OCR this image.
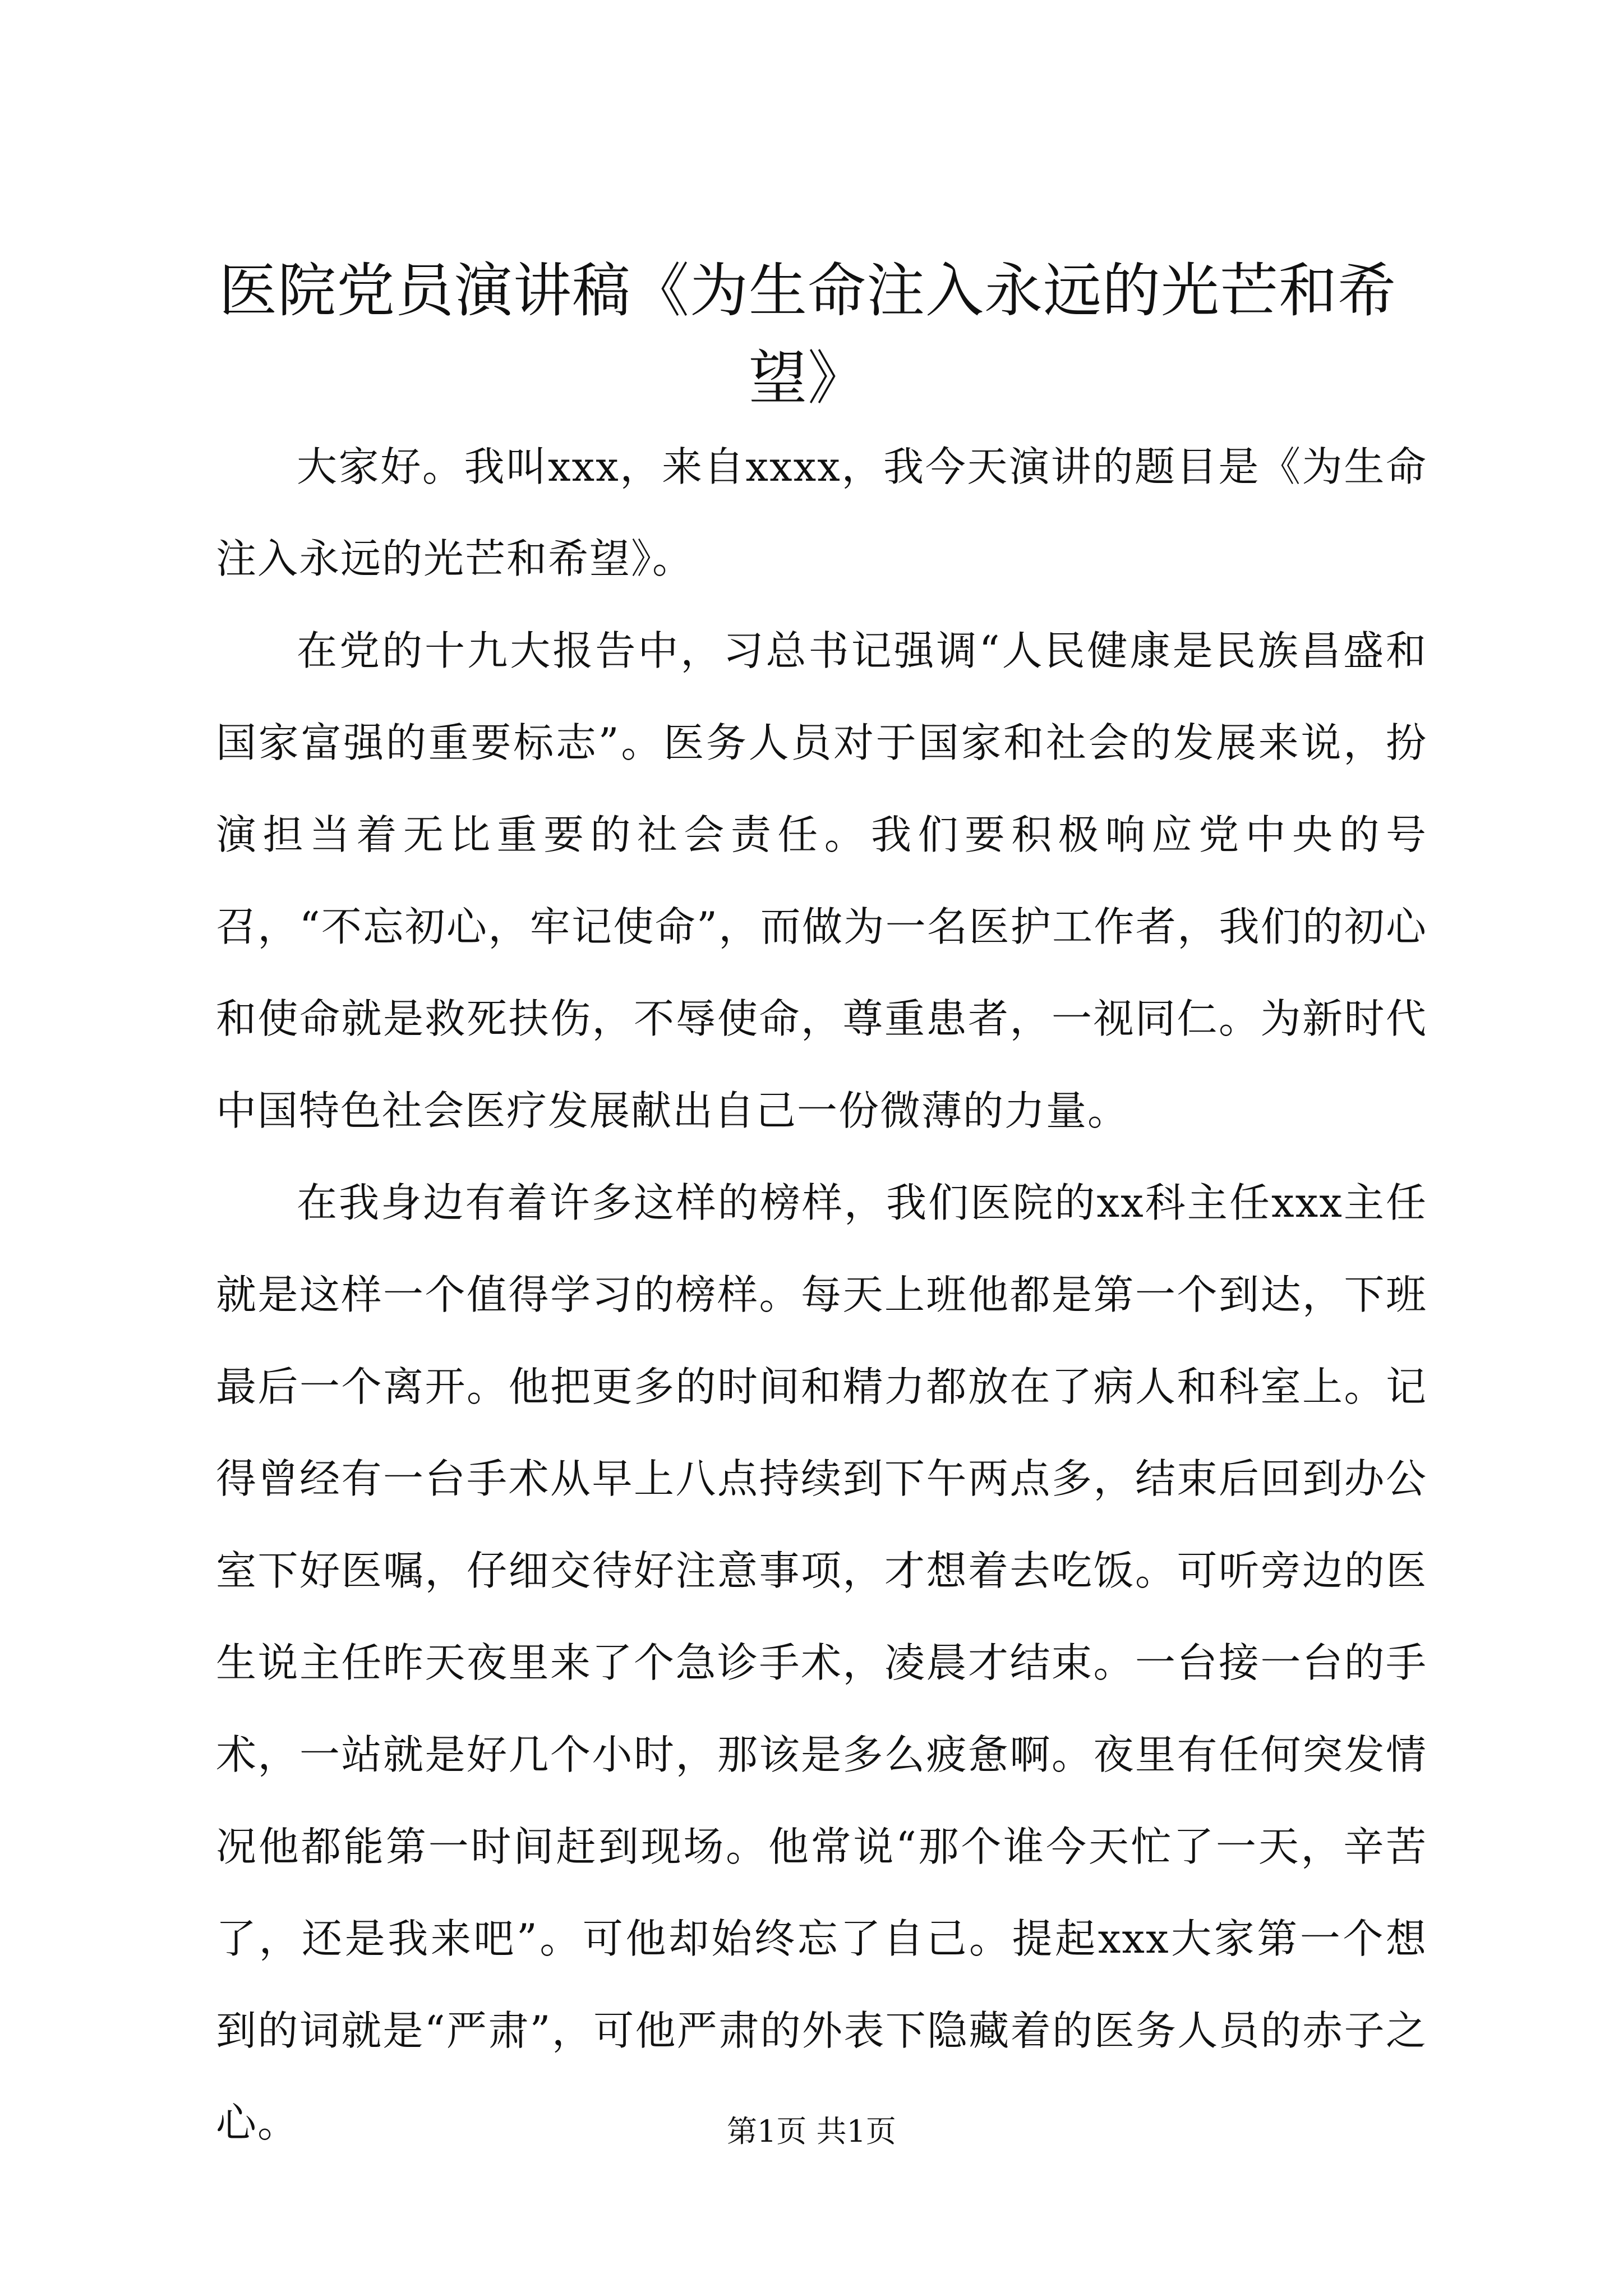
医院党员演讲稿《为生命注入永远的光芒和希望》

大家好。我叫xxx，来自xxxx，我今天演讲的题目是《为生命注入永远的光芒和希望》。

在党的十九大报告中，习总书记强调“人民健康是民族昌盛和国家富强的重要标志”。医务人员对于国家和社会的发展来说，扮演担当着无比重要的社会责任。我们要积极响应党中央的号召，“不忘初心，牢记使命”，而做为一名医护工作者，我们的初心和使命就是救死扶伤，不辱使命，尊重患者，一视同仁。为新时代中国特色社会医疗发展献出自己一份微薄的力量。

在我身边有着许多这样的榜样，我们医院的xx科主任xxx主任就是这样一个值得学习的榜样。每天上班他都是第一个到达，下班最后一个离开。他把更多的时间和精力都放在了病人和科室上。记得曾经有一台手术从早上八点持续到下午两点多，结束后回到办公室下好医嘱，仔细交待好注意事项，才想着去吃饭。可听旁边的医生说主任昨天夜里来了个急诊手术，凌晨才结束。一台接一台的手术，一站就是好几个小时，那该是多么疲惫啊。夜里有任何突发情况他都能第一时间赶到现场。他常说“那个谁今天忙了一天，辛苦了，还是我来吧”。可他却始终忘了自己。提起xxx大家第一个想到的词就是“严肃”，可他严肃的外表下隐藏着的医务人员的赤子之心。	第1页 共1页
